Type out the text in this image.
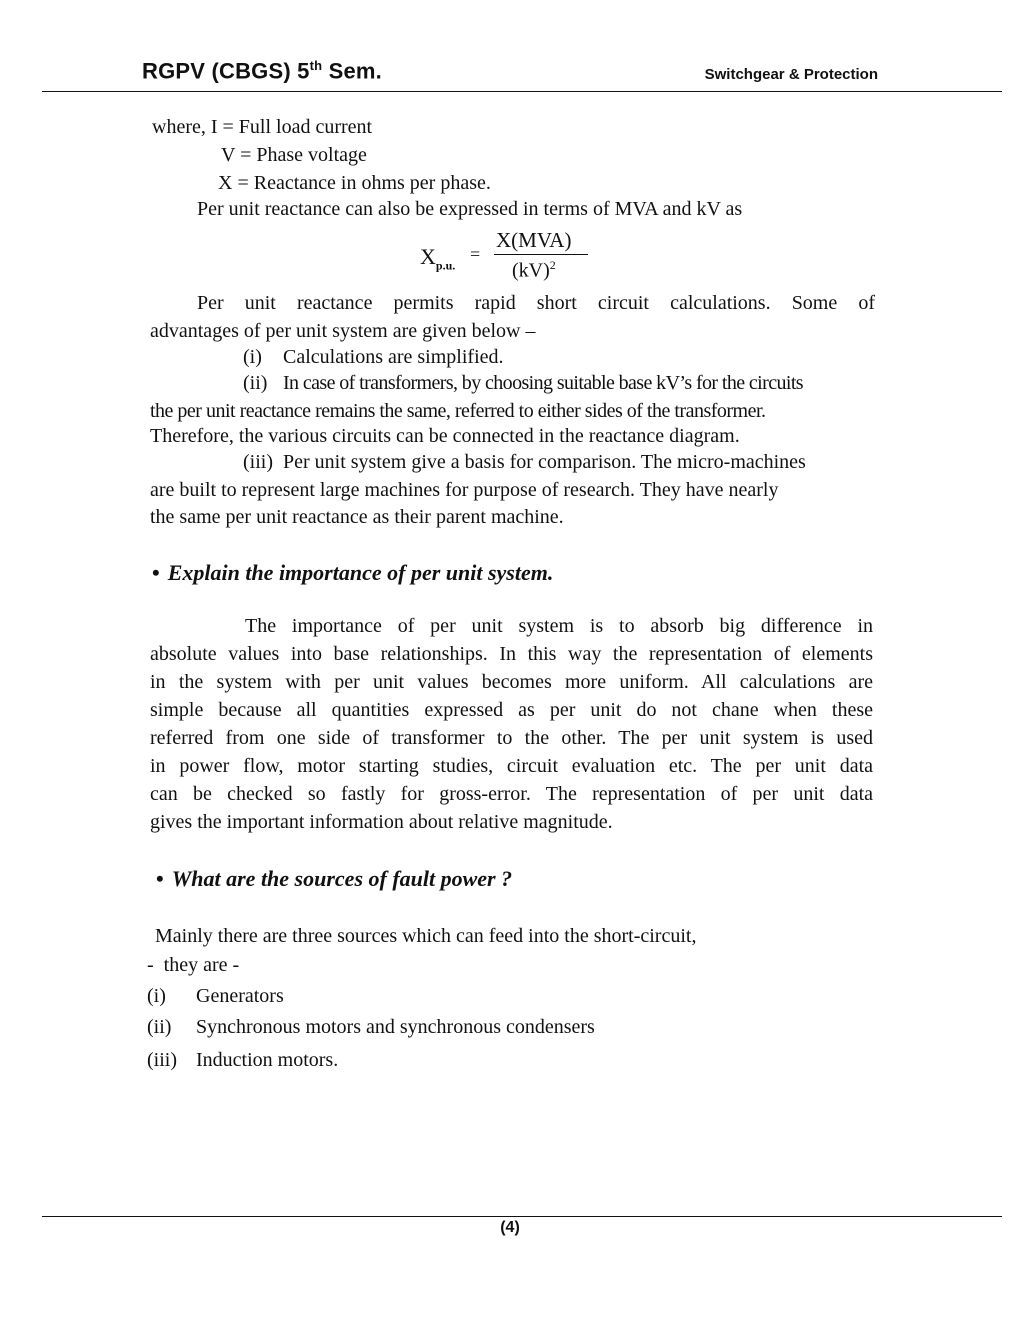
RGPV (CBGS) 5th Sem.	Switchgear & Protection
where, I = Full load current
V = Phase voltage
X = Reactance in ohms per phase.
Per unit reactance can also be expressed in terms of MVA and kV as
$X_{p.u.}$
=
X(MVA)
(kV)$^2$
Per unit reactance permits rapid short circuit calculations. Some of
advantages of per unit system are given below –
(i) Calculations are simplified.
(ii) In case of transformers, by choosing suitable base kV’s for the circuits
the per unit reactance remains the same, referred to either sides of the transformer.
Therefore, the various circuits can be connected in the reactance diagram.
(iii) Per unit system give a basis for comparison. The micro-machines
are built to represent large machines for purpose of research. They have nearly
the same per unit reactance as their parent machine.
• Explain the importance of per unit system.
The importance of per unit system is to absorb big difference in
absolute values into base relationships. In this way the representation of elements
in the system with per unit values becomes more uniform. All calculations are
simple because all quantities expressed as per unit do not chane when these
referred from one side of transformer to the other. The per unit system is used
in power flow, motor starting studies, circuit evaluation etc. The per unit data
can be checked so fastly for gross-error. The representation of per unit data
gives the important information about relative magnitude.
• What are the sources of fault power ?
Mainly there are three sources which can feed into the short-circuit,
-  they are -
(i) Generators
(ii) Synchronous motors and synchronous condensers
(iii) Induction motors.
(4)
